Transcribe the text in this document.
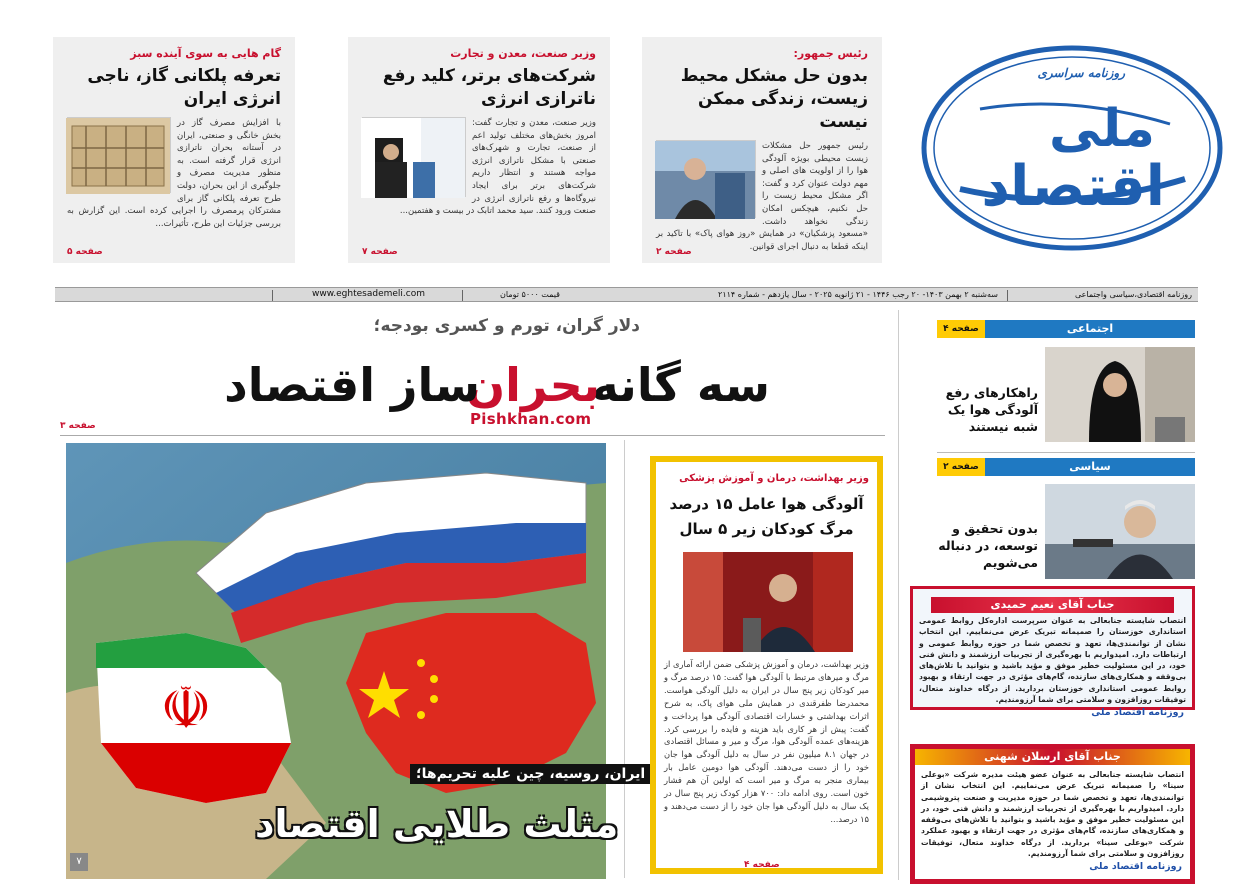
روزنامه سراسری
ملی
اقتصاد
رئیس جمهور:
بدون حل مشکل محیط زیست، زندگی ممکن نیست
رئیس جمهور حل مشکلات زیست محیطی بویژه آلودگی هوا را از اولویت های اصلی و مهم دولت عنوان کرد و گفت: اگر مشکل محیط زیست را حل نکنیم، هیچکس امکان زندگی نخواهد داشت. «مسعود پزشکیان» در همایش «روز هوای پاک» با تاکید بر اینکه قطعا به دنبال اجرای قوانین.
صفحه ۲
وزیر صنعت، معدن و تجارت
شرکت‌های برتر، کلید رفع ناترازی انرژی
وزیر صنعت، معدن و تجارت گفت: امروز بخش‌های مختلف تولید اعم از صنعت، تجارت و شهرک‌های صنعتی با مشکل ناترازی انرژی مواجه هستند و انتظار داریم شرکت‌های برتر برای ایجاد نیروگاه‌ها و رفع ناترازی انرژی در صنعت ورود کنند. سید محمد اتابک در بیست و هفتمین...
صفحه ۷
گام هایی به سوی آینده سبز
تعرفه پلکانی گاز، ناجی انرژی ایران
با افزایش مصرف گاز در بخش خانگی و صنعتی، ایران در آستانه بحران ناترازی انرژی قرار گرفته است. به منظور مدیریت مصرف و جلوگیری از این بحران، دولت طرح تعرفه پلکانی گاز برای مشترکان پرمصرف را اجرایی کرده است. این گزارش به بررسی جزئیات این طرح، تأثیرات...
صفحه ۵
روزنامه اقتصادی،سیاسی واجتماعی
سه‌شنبه ۲ بهمن ۱۴۰۳- ۲۰ رجب ۱۴۴۶ - ۲۱ ژانویه ۲۰۲۵ - سال یازدهم - شماره ۲۱۱۴
قیمت ۵۰۰۰ تومان
www.eghtesademeli.com
دلار گران، تورم و کسری بودجه؛
سه گانه
بحران
ساز اقتصاد
Pishkhan.com
صفحه ۳
☫
ایران، روسیه، چین علیه تحریم‌ها؛
مثلث طلایی اقتصاد
۷
وزیر بهداشت، درمان و آموزش پزشکی
آلودگی هوا عامل ۱۵ درصد مرگ کودکان زیر ۵ سال
وزیر بهداشت، درمان و آموزش پزشکی ضمن ارائه آماری از مرگ و میرهای مرتبط با آلودگی هوا گفت: ۱۵ درصد مرگ و میر کودکان زیر پنج سال در ایران به دلیل آلودگی هواست. محمدرضا ظفرقندی در همایش ملی هوای پاک، به شرح اثرات بهداشتی و خسارات اقتصادی آلودگی هوا پرداخت و گفت: پیش از هر کاری باید هزینه و فایده را بررسی کرد. هزینه‌های عمده آلودگی هوا، مرگ و میر و مسائل اقتصادی در جهان ۸.۱ میلیون نفر در سال به دلیل آلودگی هوا جان خود را از دست می‌دهند. آلودگی هوا دومین عامل بار بیماری منجر به مرگ و میر است که اولین آن هم فشار خون است. روی ادامه داد: ۷۰۰ هزار کودک زیر پنج سال در یک سال به دلیل آلودگی هوا جان خود را از دست می‌دهند و ۱۵ درصد...
صفحه ۴
اجتماعی
صفحه ۴
راهکارهای رفع آلودگی هوا یک شبه نیستند
سیاسی
صفحه ۲
بدون تحقیق و توسعه، در دنباله می‌شویم
جناب آقای نعیم حمیدی
انتصاب شایسته جنابعالی به عنوان سرپرست اداره‌کل روابط عمومی استانداری خوزستان را صمیمانه تبریک عرض می‌نماییم. این انتخاب نشان از توانمندی‌ها، تعهد و تخصص شما در حوزه روابط عمومی و ارتباطات دارد. امیدواریم با بهره‌گیری از تجربیات ارزشمند و دانش فنی خود، در این مسئولیت خطیر موفق و مؤید باشید و بتوانید با تلاش‌های بی‌وقفه و همکاری‌های سازنده، گام‌های مؤثری در جهت ارتقاء و بهبود روابط عمومی استانداری خوزستان بردارید. از درگاه خداوند متعال، توفیقات روزافزون و سلامتی برای شما آرزومندیم.
روزنامه اقتصاد ملی
جناب آقای ارسلان شهنی
انتصاب شایسته جنابعالی به عنوان عضو هیئت مدیره شرکت «بوعلی سینا» را صمیمانه تبریک عرض می‌نماییم. این انتخاب نشان از توانمندی‌ها، تعهد و تخصص شما در حوزه مدیریت و صنعت پتروشیمی دارد. امیدواریم با بهره‌گیری از تجربیات ارزشمند و دانش فنی خود، در این مسئولیت خطیر موفق و مؤید باشید و بتوانید با تلاش‌های بی‌وقفه و همکاری‌های سازنده، گام‌های مؤثری در جهت ارتقاء و بهبود عملکرد شرکت «بوعلی سینا» بردارید. از درگاه خداوند متعال، توفیقات روزافزون و سلامتی برای شما آرزومندیم.
روزنامه اقتصاد ملی
